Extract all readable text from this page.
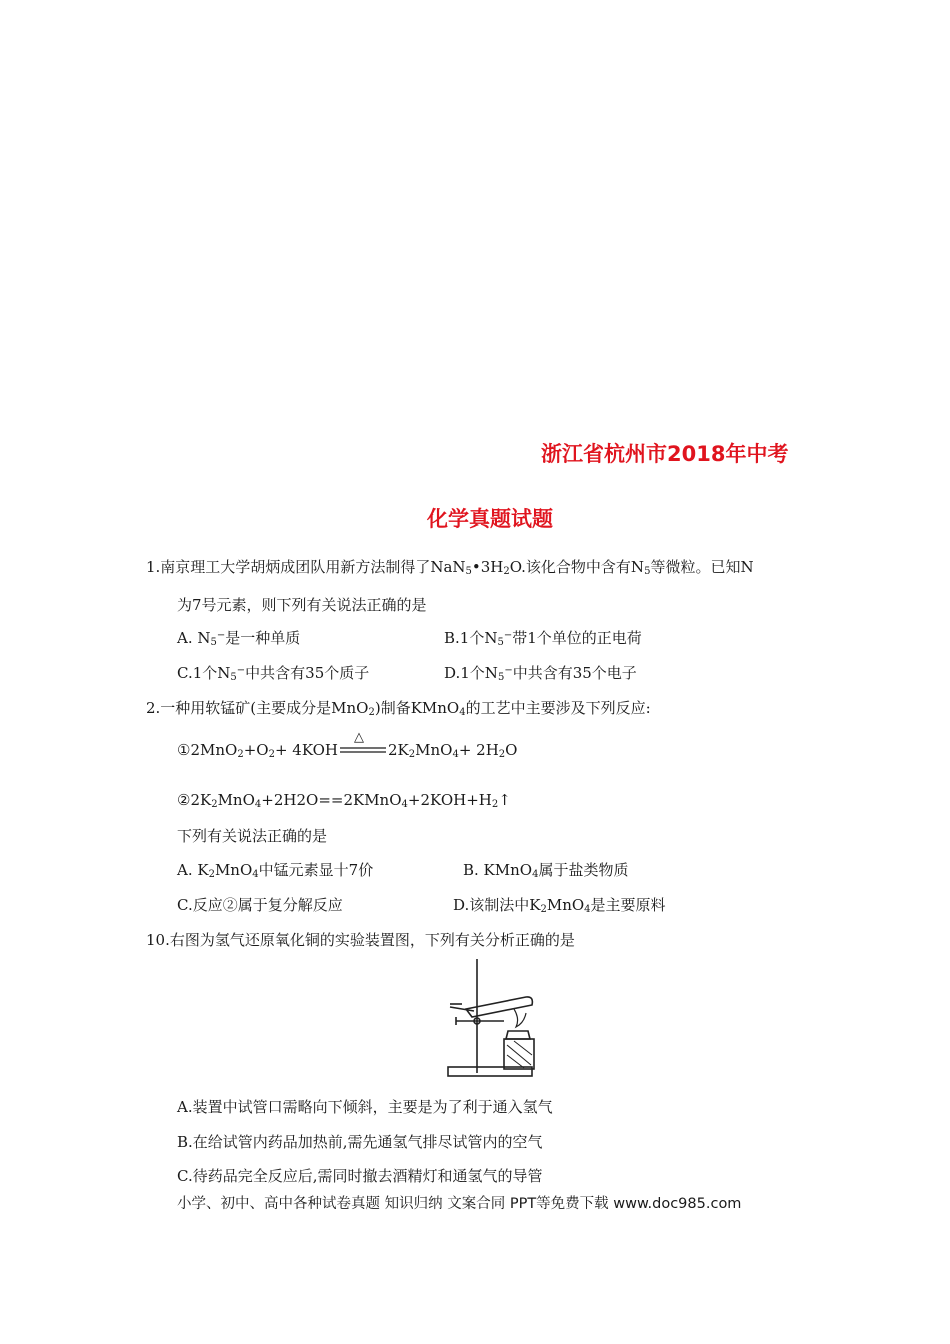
浙江省杭州市2018年中考
化学真题试题
1.南京理工大学胡炳成团队用新方法制得了$NaN_5•3H_2O$.该化合物中含有$N_5$等微粒。已知N
为7号元素，则下列有关说法正确的是
A. $N_5^-$是一种单质	B.1个$N_5^-$带1个单位的正电荷
C.1个$N_5^-$中共含有35个质子	D.1个$N_5^-$中共含有35个电子
2.一种用软锰矿(主要成分是MnO$_2$)制备KMnO$_4$的工艺中主要涉及下列反应:
$①2MnO_2+O_2+ 4KOH$
△
$2K_2MnO_4+ 2H_2O$
$②2K_2MnO_4+2H2O==2KMnO_4+2KOH+H_2↑$
下列有关说法正确的是
A. $K_2MnO_4$中锰元素显十7价	B. KMnO$_4$属于盐类物质
C.反应②属于复分解反应	D.该制法中$K_2MnO_4$是主要原料
10.右图为氢气还原氧化铜的实验装置图，下列有关分析正确的是
A.装置中试管口需略向下倾斜，主要是为了利于通入氢气
B.在给试管内药品加热前,需先通氢气排尽试管内的空气
C.待药品完全反应后,需同时撤去酒精灯和通氢气的导管
小学、初中、高中各种试卷真题 知识归纳 文案合同 PPT等免费下载 www.doc985.com
